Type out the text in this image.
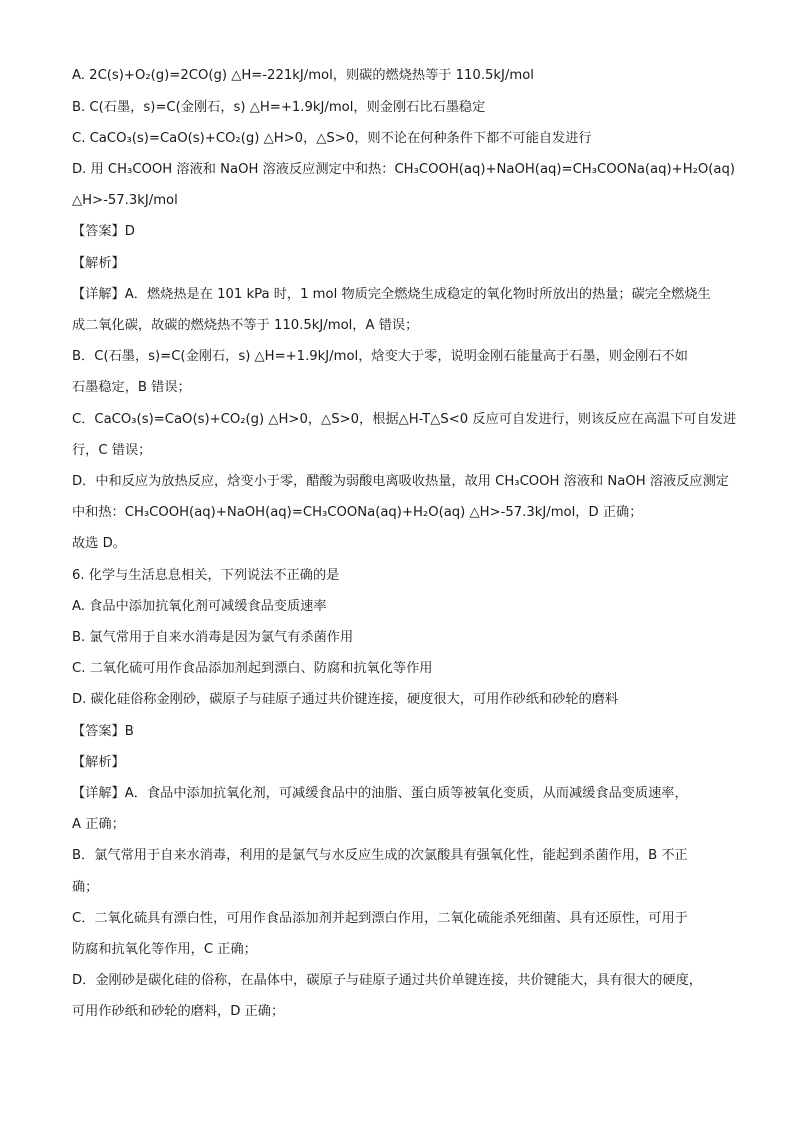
A. 2C(s)+O₂(g)=2CO(g) △H=-221kJ/mol，则碳的燃烧热等于 110.5kJ/mol
B. C(石墨，s)=C(金刚石，s) △H=+1.9kJ/mol，则金刚石比石墨稳定
C. CaCO₃(s)=CaO(s)+CO₂(g) △H>0，△S>0，则不论在何种条件下都不可能自发进行
D. 用 CH₃COOH 溶液和 NaOH 溶液反应测定中和热：CH₃COOH(aq)+NaOH(aq)=CH₃COONa(aq)+H₂O(aq)
△H>-57.3kJ/mol
【答案】D
【解析】
【详解】A．燃烧热是在 101 kPa 时，1 mol 物质完全燃烧生成稳定的氧化物时所放出的热量；碳完全燃烧生
成二氧化碳，故碳的燃烧热不等于 110.5kJ/mol，A 错误；
B．C(石墨，s)=C(金刚石，s) △H=+1.9kJ/mol，焓变大于零，说明金刚石能量高于石墨，则金刚石不如
石墨稳定，B 错误；
C．CaCO₃(s)=CaO(s)+CO₂(g) △H>0，△S>0，根据△H-T△S<0 反应可自发进行，则该反应在高温下可自发进
行，C 错误；
D．中和反应为放热反应，焓变小于零，醋酸为弱酸电离吸收热量，故用 CH₃COOH 溶液和 NaOH 溶液反应测定
中和热：CH₃COOH(aq)+NaOH(aq)=CH₃COONa(aq)+H₂O(aq) △H>-57.3kJ/mol，D 正确；
故选 D。
6. 化学与生活息息相关，下列说法不正确的是
A. 食品中添加抗氧化剂可减缓食品变质速率
B. 氯气常用于自来水消毒是因为氯气有杀菌作用
C. 二氧化硫可用作食品添加剂起到漂白、防腐和抗氧化等作用
D. 碳化硅俗称金刚砂，碳原子与硅原子通过共价键连接，硬度很大，可用作砂纸和砂轮的磨料
【答案】B
【解析】
【详解】A．食品中添加抗氧化剂，可减缓食品中的油脂、蛋白质等被氧化变质，从而减缓食品变质速率，
A 正确；
B．氯气常用于自来水消毒，利用的是氯气与水反应生成的次氯酸具有强氧化性，能起到杀菌作用，B 不正
确；
C．二氧化硫具有漂白性，可用作食品添加剂并起到漂白作用，二氧化硫能杀死细菌、具有还原性，可用于
防腐和抗氧化等作用，C 正确；
D．金刚砂是碳化硅的俗称，在晶体中，碳原子与硅原子通过共价单键连接，共价键能大，具有很大的硬度，
可用作砂纸和砂轮的磨料，D 正确；
